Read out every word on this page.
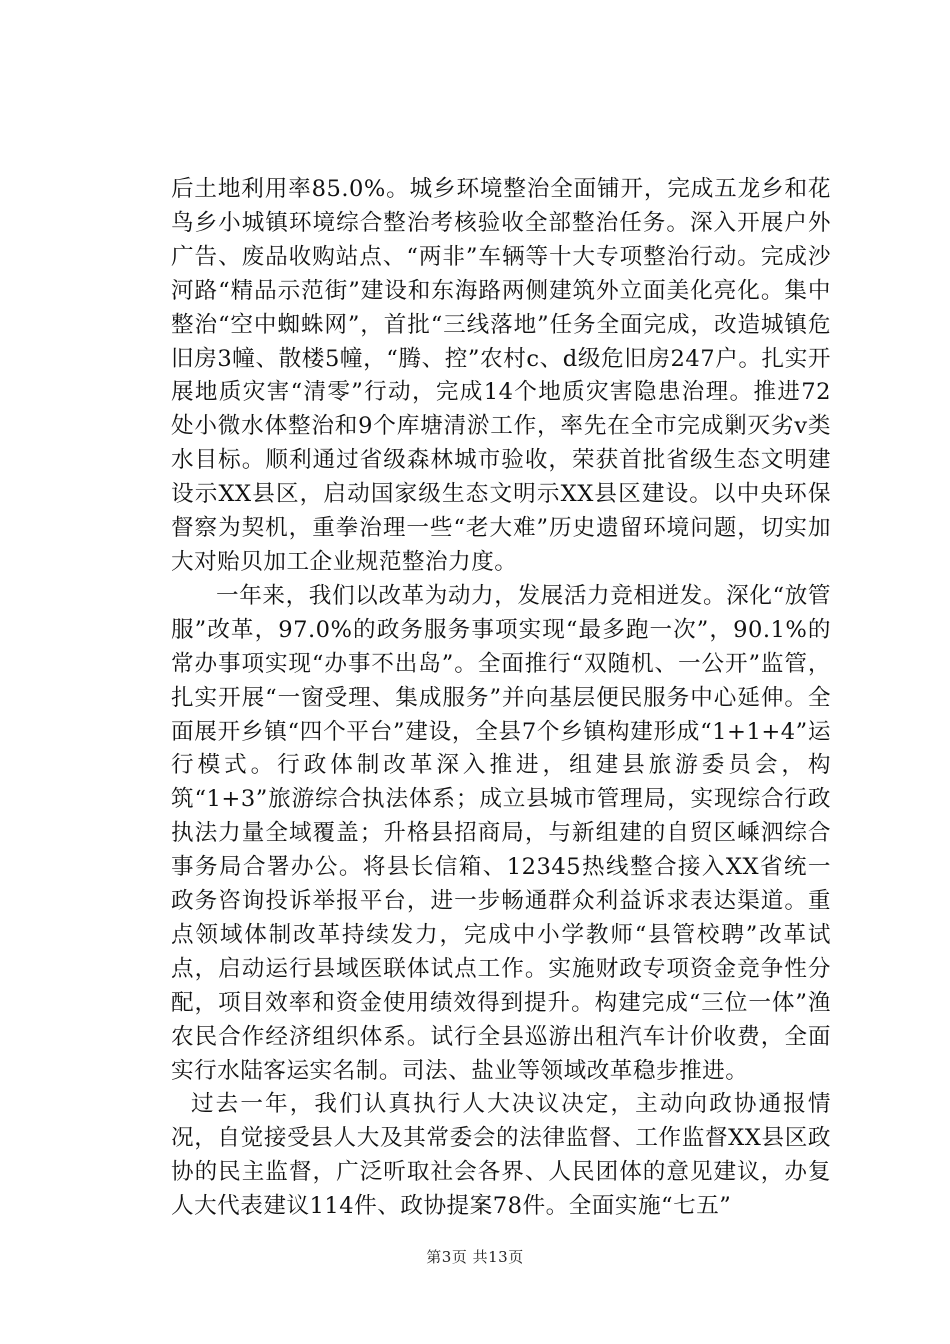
后土地利用率85.0%。城乡环境整治全面铺开，完成五龙乡和花鸟乡小城镇环境综合整治考核验收全部整治任务。深入开展户外广告、废品收购站点、“两非”车辆等十大专项整治行动。完成沙河路“精品示范街”建设和东海路两侧建筑外立面美化亮化。集中整治“空中蜘蛛网”，首批“三线落地”任务全面完成，改造城镇危旧房3幢、散楼5幢，“腾、控”农村c、d级危旧房247户。扎实开展地质灾害“清零”行动，完成14个地质灾害隐患治理。推进72处小微水体整治和9个库塘清淤工作，率先在全市完成剿灭劣v类水目标。顺利通过省级森林城市验收，荣获首批省级生态文明建设示XX县区，启动国家级生态文明示XX县区建设。以中央环保督察为契机，重拳治理一些“老大难”历史遗留环境问题，切实加大对贻贝加工企业规范整治力度。

一年来，我们以改革为动力，发展活力竞相迸发。深化“放管服”改革，97.0%的政务服务事项实现“最多跑一次”，90.1%的常办事项实现“办事不出岛”。全面推行“双随机、一公开”监管，扎实开展“一窗受理、集成服务”并向基层便民服务中心延伸。全面展开乡镇“四个平台”建设，全县7个乡镇构建形成“1+1+4”运行模式。行政体制改革深入推进，组建县旅游委员会，构筑“1+3”旅游综合执法体系；成立县城市管理局，实现综合行政执法力量全域覆盖；升格县招商局，与新组建的自贸区嵊泗综合事务局合署办公。将县长信箱、12345热线整合接入XX省统一政务咨询投诉举报平台，进一步畅通群众利益诉求表达渠道。重点领域体制改革持续发力，完成中小学教师“县管校聘”改革试点，启动运行县域医联体试点工作。实施财政专项资金竞争性分配，项目效率和资金使用绩效得到提升。构建完成“三位一体”渔农民合作经济组织体系。试行全县巡游出租汽车计价收费，全面实行水陆客运实名制。司法、盐业等领域改革稳步推进。

过去一年，我们认真执行人大决议决定，主动向政协通报情况，自觉接受县人大及其常委会的法律监督、工作监督XX县区政协的民主监督，广泛听取社会各界、人民团体的意见建议，办复人大代表建议114件、政协提案78件。全面实施“七五”

第3页 共13页
